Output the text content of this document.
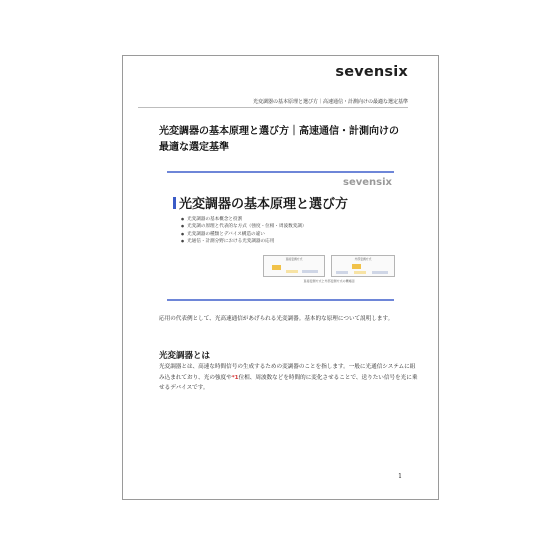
sevensix
光変調器の基本原理と選び方｜高速通信・計測向けの最適な選定基準
光変調器の基本原理と選び方｜高速通信・計測向けの
最適な選定基準
sevensix
光変調器の基本原理と選び方
● 光変調器の基本概念と役割
● 光変調の原理と代表的な方式（強度・位相・周波数変調）
● 光変調器の種類とデバイス構造の違い
● 光通信・計測分野における光変調器の応用
直接変調方式	外部変調方式
直接変調方式と外部変調方式の概略図
応用の代表例として、光高速通信があげられる光変調器。基本的な原理について説明します。
光変調器とは
光変調器とは、高速な時間信号の生成するための変調器のことを指します。一般に光通信システムに組み込まれており、光の強度や*1位相、周波数などを時間的に変化させることで、送りたい信号を光に乗せるデバイスです。
1
